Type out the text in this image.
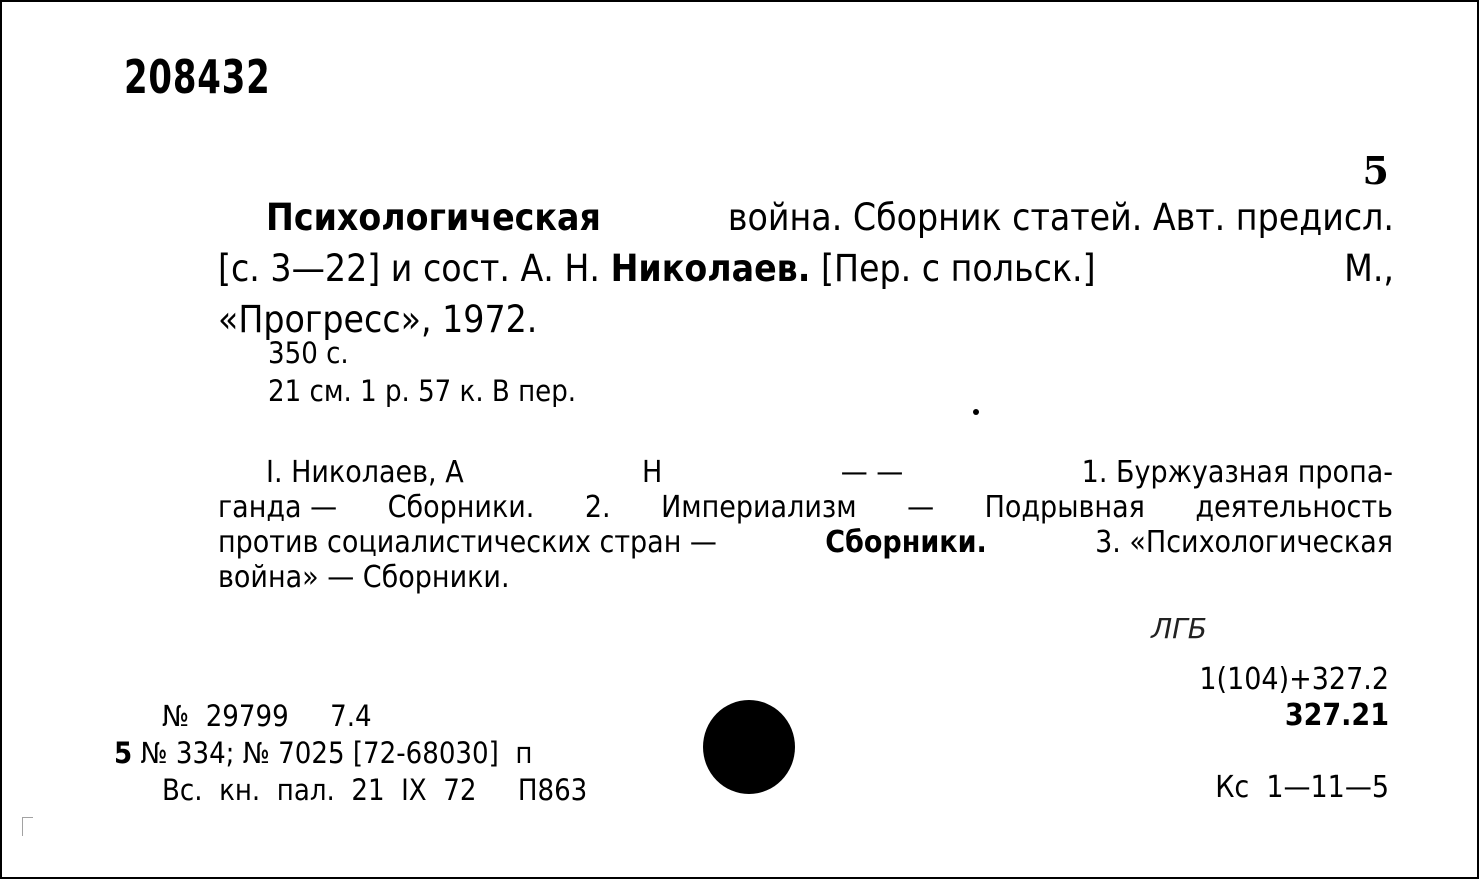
208432
5
Психологическая	война. Сборник статей. Авт. предисл.
[с. 3—22] и сост. А. Н. Николаев. [Пер. с польск.]	М.,
«Прогресс», 1972.
350 с.
21 см. 1 р. 57 к. В пер.
I. Николаев, А	Н	— —	1. Буржуазная пропа-
ганда — Сборники. 2. Империализм — Подрывная деятельность
против социалистических стран —	Сборники.	3. «Психологическая
война» — Сборники.
ЛГБ
1(104)+327.2
327.21
Кс  1—11—5
№  29799     7.4
5 № 334; № 7025 [72-68030]  п
Вс.  кн.  пал.  21  IX  72     П863
